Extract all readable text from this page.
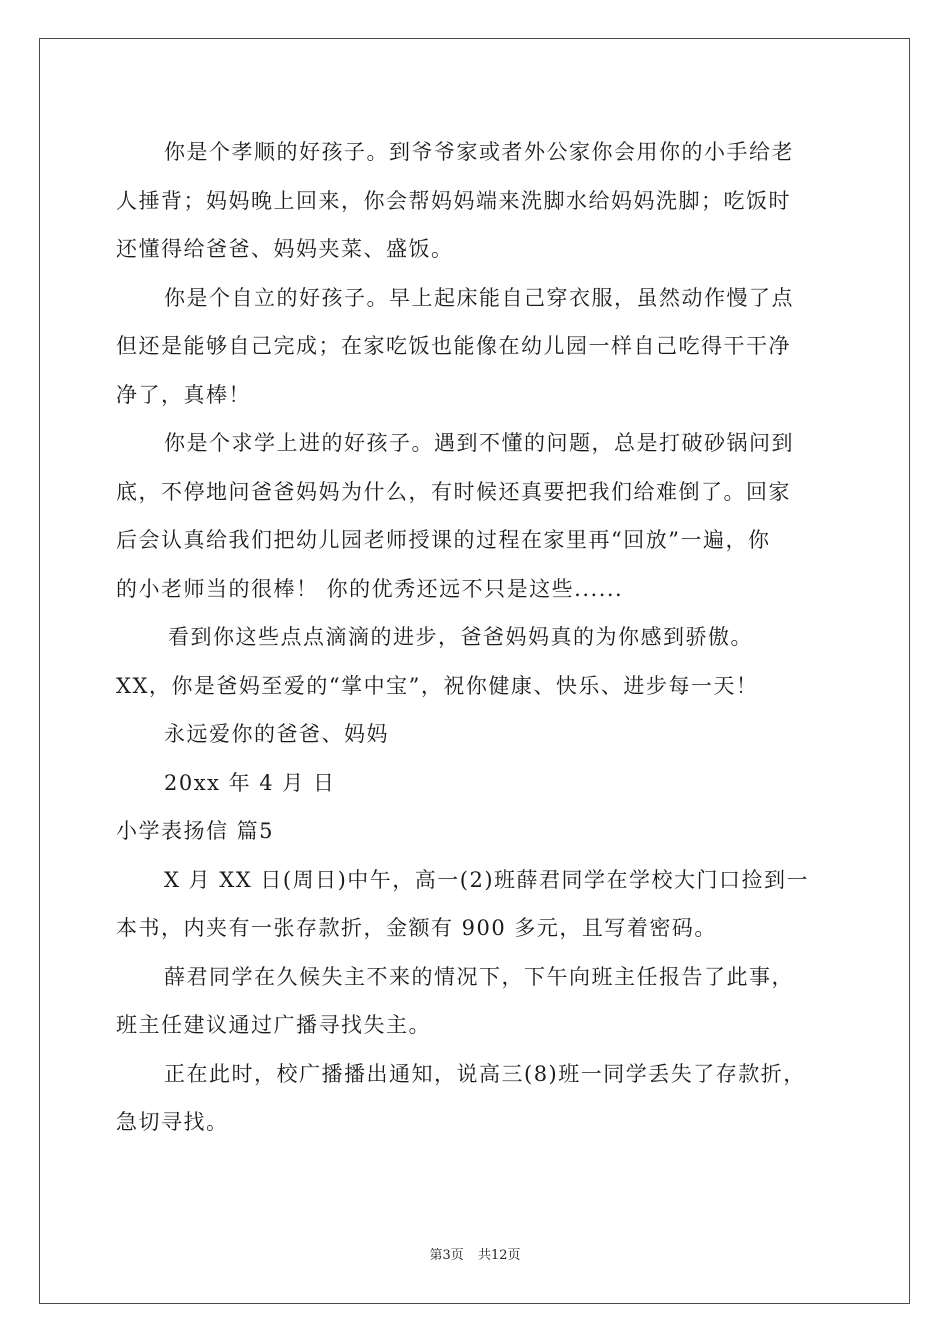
你是个孝顺的好孩子。到爷爷家或者外公家你会用你的小手给老
人捶背；妈妈晚上回来，你会帮妈妈端来洗脚水给妈妈洗脚；吃饭时
还懂得给爸爸、妈妈夹菜、盛饭。
你是个自立的好孩子。早上起床能自己穿衣服，虽然动作慢了点
但还是能够自己完成；在家吃饭也能像在幼儿园一样自己吃得干干净
净了，真棒！
你是个求学上进的好孩子。遇到不懂的问题，总是打破砂锅问到
底，不停地问爸爸妈妈为什么，有时候还真要把我们给难倒了。回家
后会认真给我们把幼儿园老师授课的过程在家里再“回放”一遍，你
的小老师当的很棒！ 你的优秀还远不只是这些......
看到你这些点点滴滴的进步，爸爸妈妈真的为你感到骄傲。
XX，你是爸妈至爱的“掌中宝”，祝你健康、快乐、进步每一天！
永远爱你的爸爸、妈妈
20xx 年 4 月 日
小学表扬信 篇5
X 月 XX 日(周日)中午，高一(2)班薛君同学在学校大门口捡到一
本书，内夹有一张存款折，金额有 900 多元，且写着密码。
薛君同学在久候失主不来的情况下，下午向班主任报告了此事，
班主任建议通过广播寻找失主。
正在此时，校广播播出通知，说高三(8)班一同学丢失了存款折，
急切寻找。
第3页 共12页
